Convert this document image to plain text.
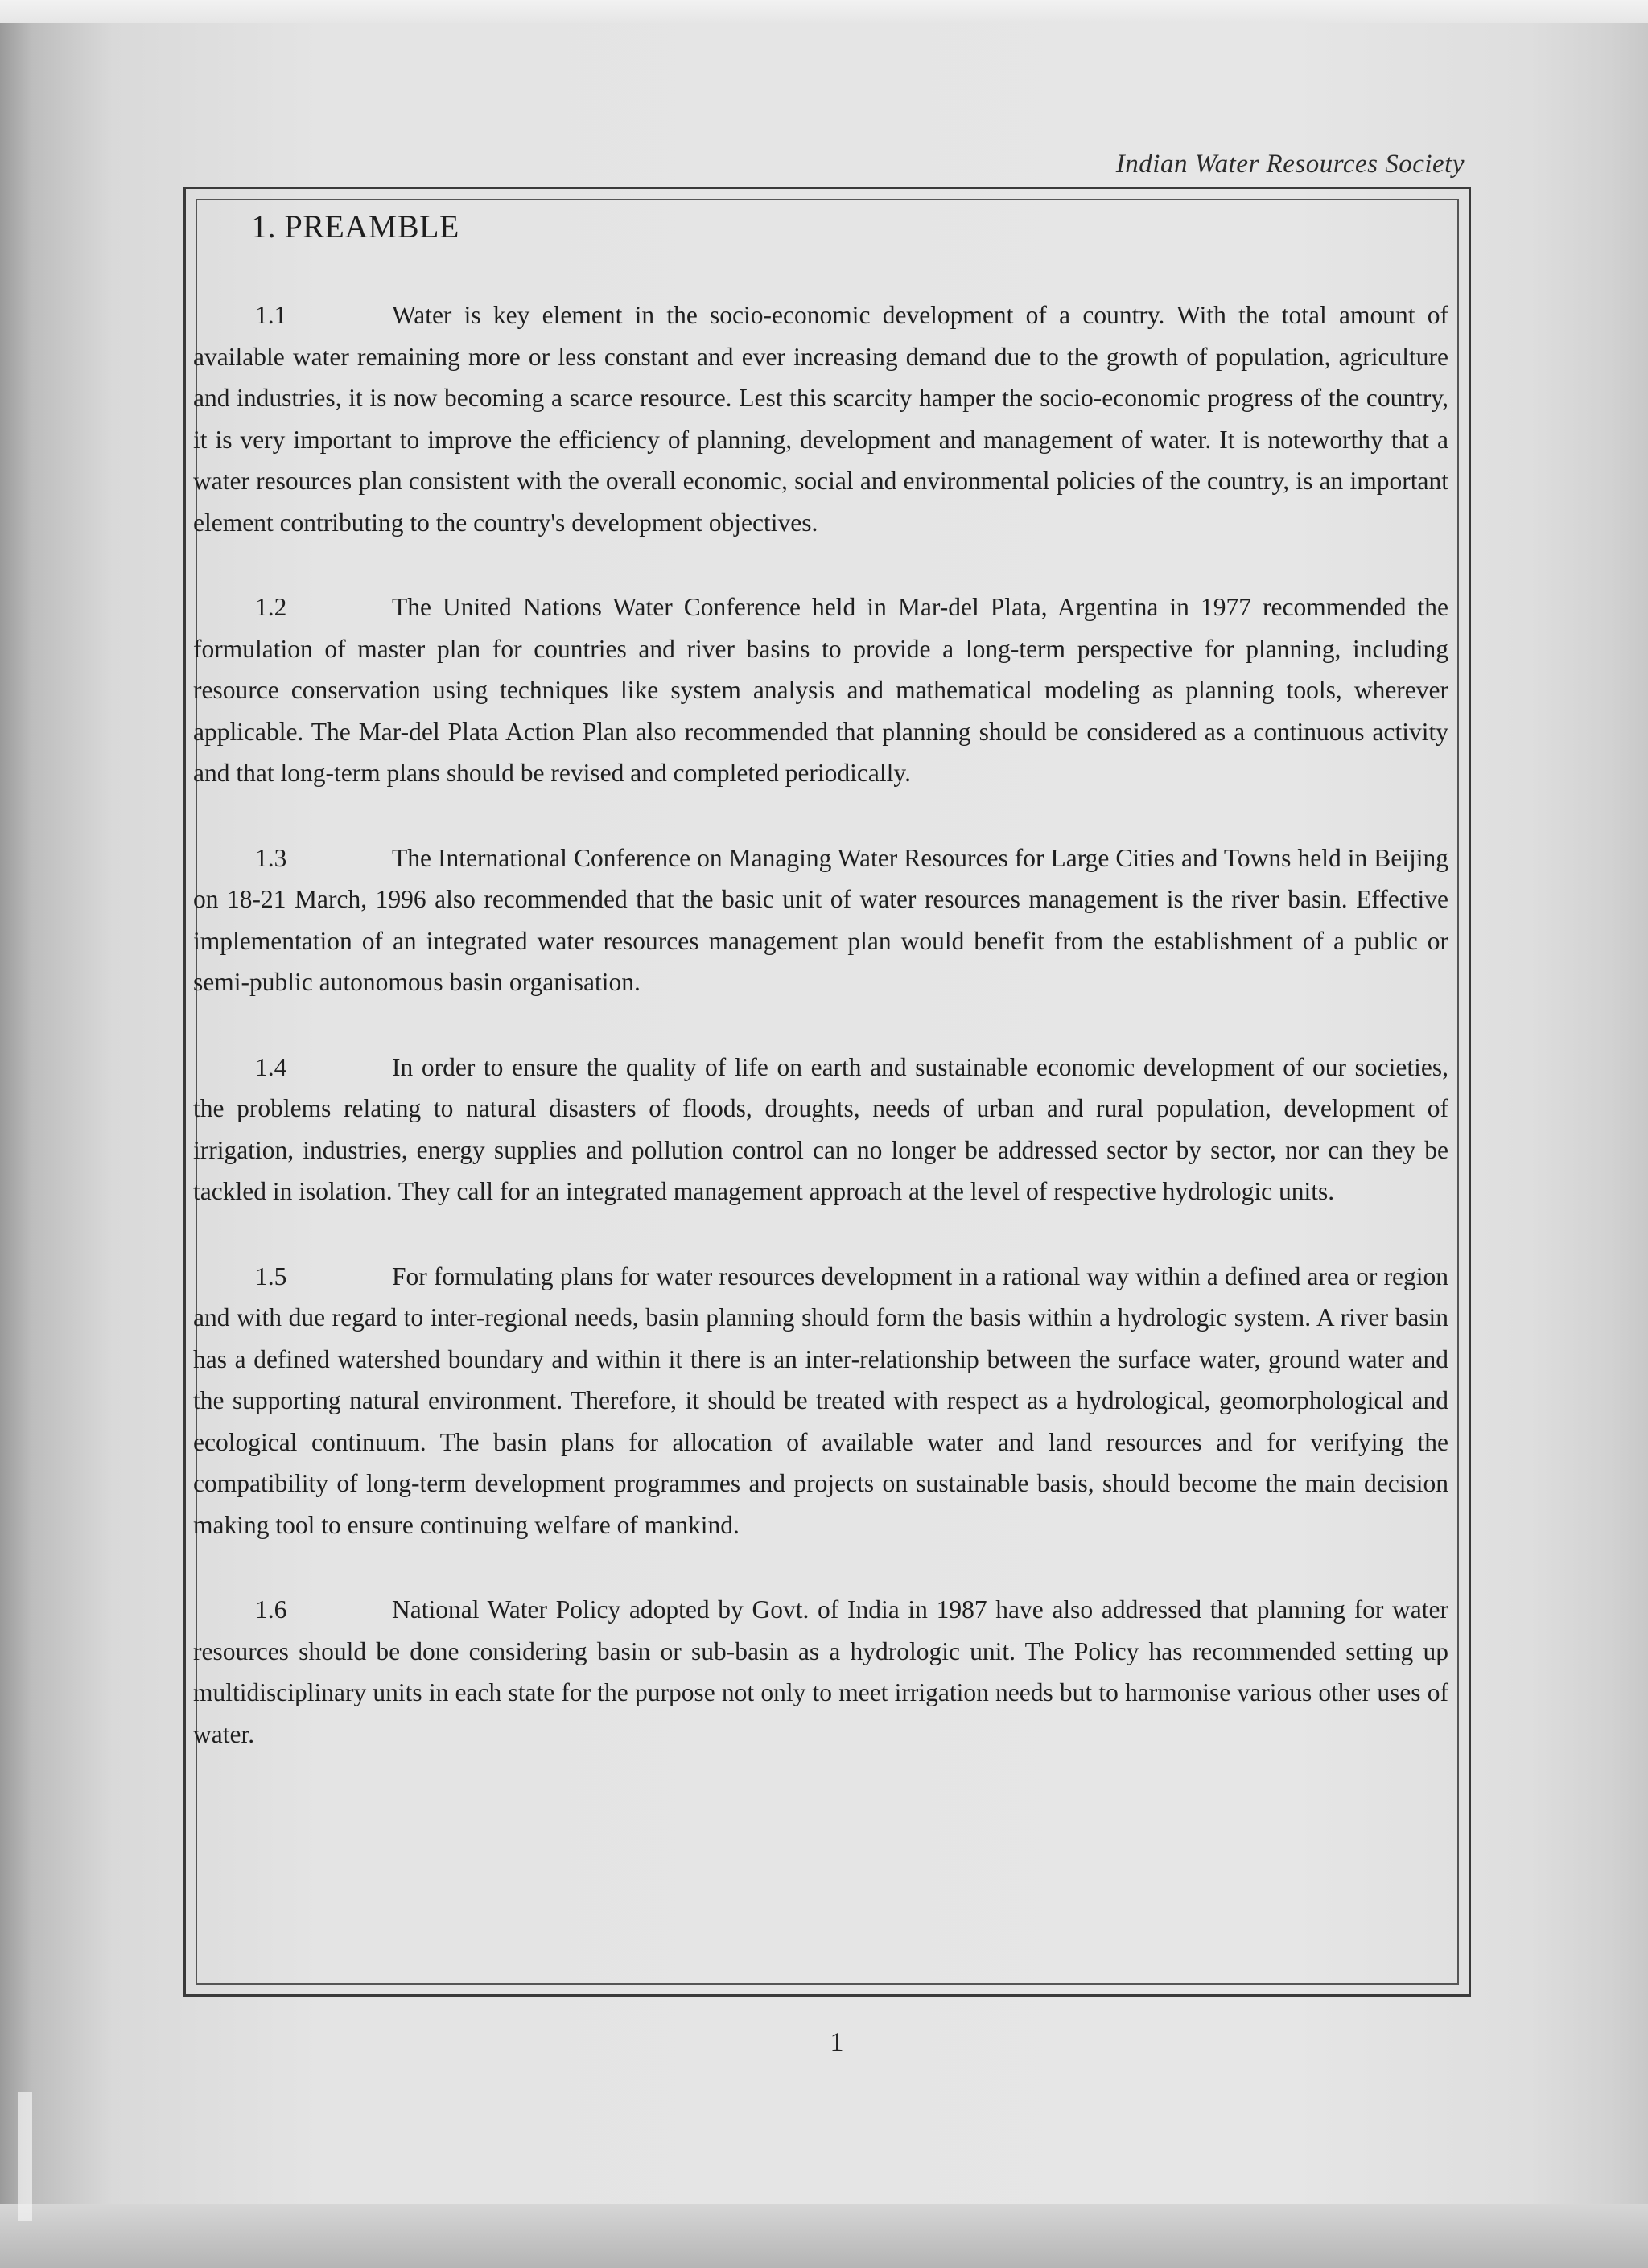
Indian Water Resources Society
1. PREAMBLE

1.1	Water is key element in the socio-economic development of a country. With the total amount of available water remaining more or less constant and ever increasing demand due to the growth of population, agriculture and industries, it is now becoming a scarce resource. Lest this scarcity hamper the socio-economic progress of the country, it is very important to improve the efficiency of planning, development and management of water. It is noteworthy that a water resources plan consistent with the overall economic, social and environmental policies of the country, is an important element contributing to the country's development objectives.

1.2	The United Nations Water Conference held in Mar-del Plata, Argentina in 1977 recommended the formulation of master plan for countries and river basins to provide a long-term perspective for planning, including resource conservation using techniques like system analysis and mathematical modeling as planning tools, wherever applicable. The Mar-del Plata Action Plan also recommended that planning should be considered as a continuous activity and that long-term plans should be revised and completed periodically.

1.3	The International Conference on Managing Water Resources for Large Cities and Towns held in Beijing on 18-21 March, 1996 also recommended that the basic unit of water resources management is the river basin. Effective implementation of an integrated water resources management plan would benefit from the establishment of a public or semi-public autonomous basin organisation.

1.4	In order to ensure the quality of life on earth and sustainable economic development of our societies, the problems relating to natural disasters of floods, droughts, needs of urban and rural population, development of irrigation, industries, energy supplies and pollution control can no longer be addressed sector by sector, nor can they be tackled in isolation. They call for an integrated management approach at the level of respective hydrologic units.

1.5	For formulating plans for water resources development in a rational way within a defined area or region and with due regard to inter-regional needs, basin planning should form the basis within a hydrologic system. A river basin has a defined watershed boundary and within it there is an inter-relationship between the surface water, ground water and the supporting natural environment. Therefore, it should be treated with respect as a hydrological, geomorphological and ecological continuum. The basin plans for allocation of available water and land resources and for verifying the compatibility of long-term development programmes and projects on sustainable basis, should become the main decision making tool to ensure continuing welfare of mankind.

1.6	National Water Policy adopted by Govt. of India in 1987 have also addressed that planning for water resources should be done considering basin or sub-basin as a hydrologic unit. The Policy has recommended setting up multidisciplinary units in each state for the purpose not only to meet irrigation needs but to harmonise various other uses of water.

1
